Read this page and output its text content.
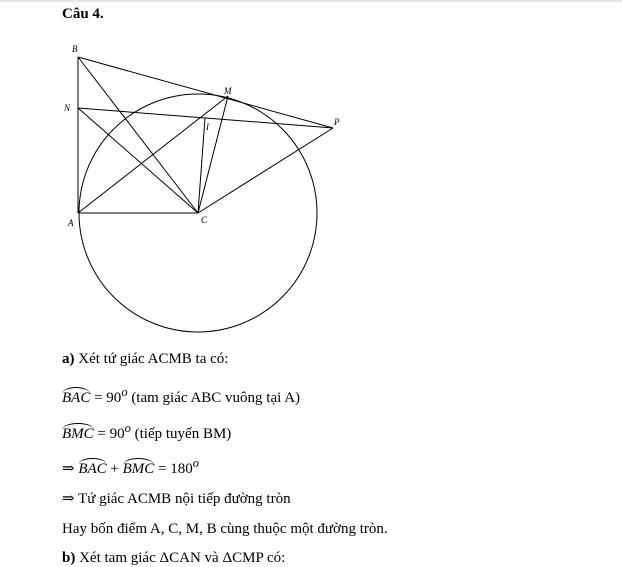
Câu 4.
B
M
N
P
I
A	C
a) Xét tứ giác ACMB ta có:
BAC = $90^o$ (tam giác ABC vuông tại A)
BMC = $90^o$ (tiếp tuyến BM)
⇒ BAC + BMC = $180^o$
⇒ Tứ giác ACMB nội tiếp đường tròn
Hay bốn điểm A, C, M, B cùng thuộc một đường tròn.
b) Xét tam giác ΔCAN và ΔCMP có:
